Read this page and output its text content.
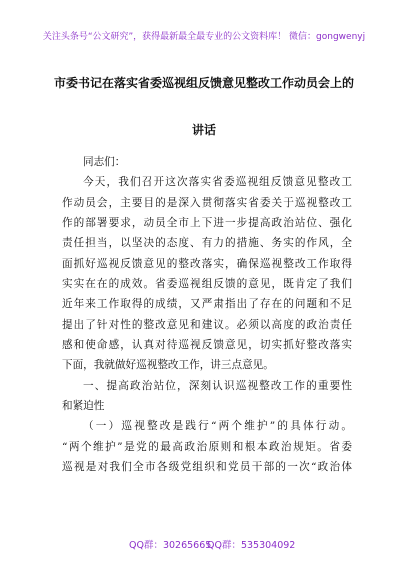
关注头条号“公文研究”，获得最新最全最专业的公文资料库！ 微信：gongwenyj
市委书记在落实省委巡视组反馈意见整改工作动员会上的
讲话
同志们：
今天，我们召开这次落实省委巡视组反馈意见整改工
作动员会，主要目的是深入贯彻落实省委关于巡视整改工
作的部署要求，动员全市上下进一步提高政治站位、强化
责任担当，以坚决的态度、有力的措施、务实的作风，全
面抓好巡视反馈意见的整改落实，确保巡视整改工作取得
实实在在的成效。省委巡视组反馈的意见，既肯定了我们
近年来工作取得的成绩，又严肃指出了存在的问题和不足
提出了针对性的整改意见和建议。必须以高度的政治责任
感和使命感，认真对待巡视反馈意见，切实抓好整改落实
下面，我就做好巡视整改工作，讲三点意见。
一、提高政治站位，深刻认识巡视整改工作的重要性
和紧迫性
（一）巡视整改是践行“两个维护”的具体行动。
“两个维护”是党的最高政治原则和根本政治规矩。省委
巡视是对我们全市各级党组织和党员干部的一次“政治体
QQ群：30265665
QQ群：535304092
